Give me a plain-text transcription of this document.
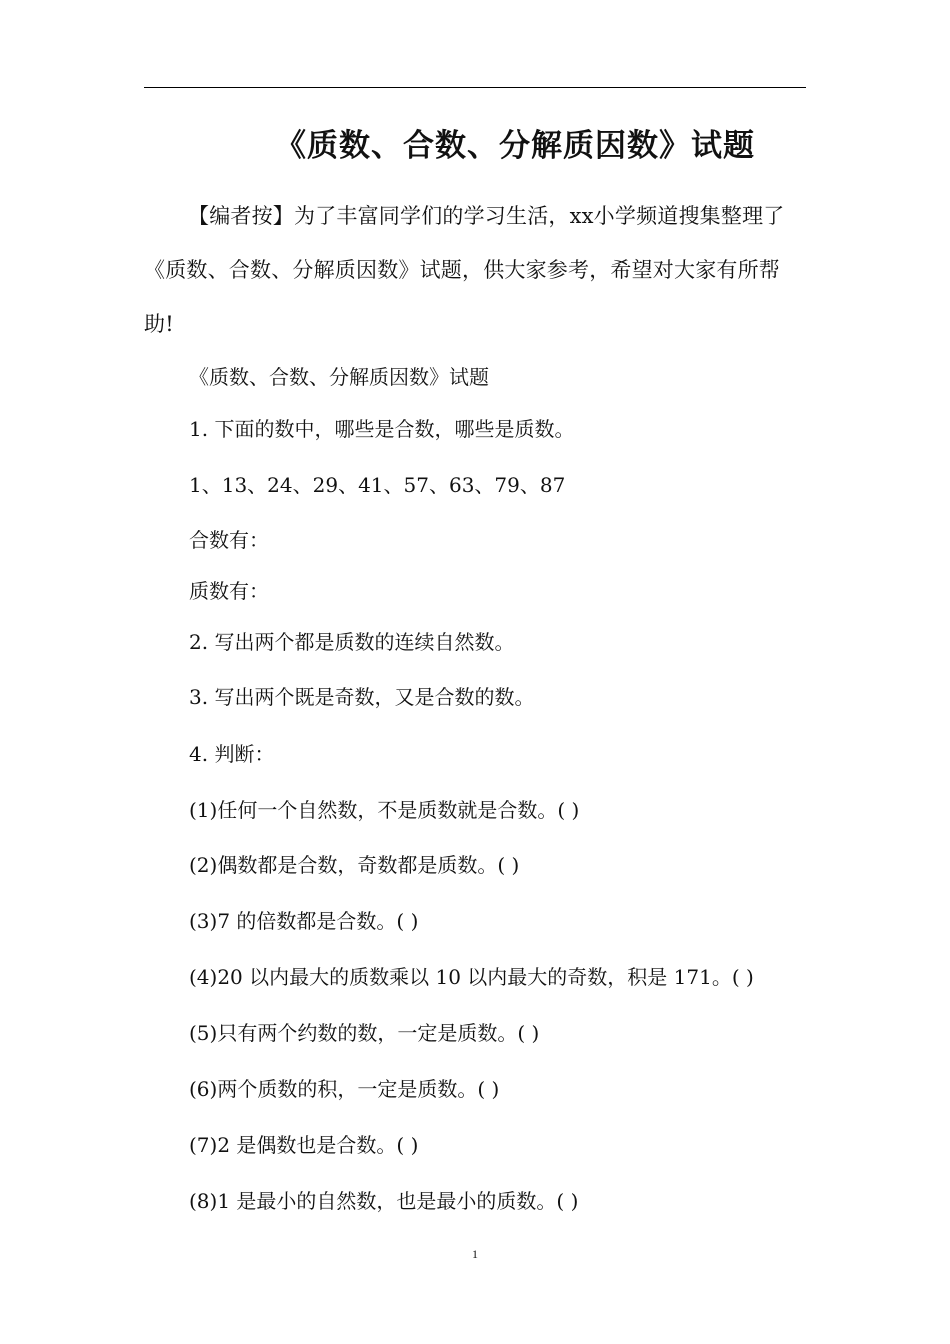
《质数、合数、分解质因数》试题

【编者按】为了丰富同学们的学习生活，xx小学频道搜集整理了《质数、合数、分解质因数》试题，供大家参考，希望对大家有所帮助!

《质数、合数、分解质因数》试题
1. 下面的数中，哪些是合数，哪些是质数。
1、13、24、29、41、57、63、79、87
合数有：
质数有：
2. 写出两个都是质数的连续自然数。
3. 写出两个既是奇数，又是合数的数。
4. 判断：
(1)任何一个自然数，不是质数就是合数。( )
(2)偶数都是合数，奇数都是质数。( )
(3)7 的倍数都是合数。( )
(4)20 以内最大的质数乘以 10 以内最大的奇数，积是 171。( )
(5)只有两个约数的数，一定是质数。( )
(6)两个质数的积，一定是质数。( )
(7)2 是偶数也是合数。( )
(8)1 是最小的自然数，也是最小的质数。( )
1
